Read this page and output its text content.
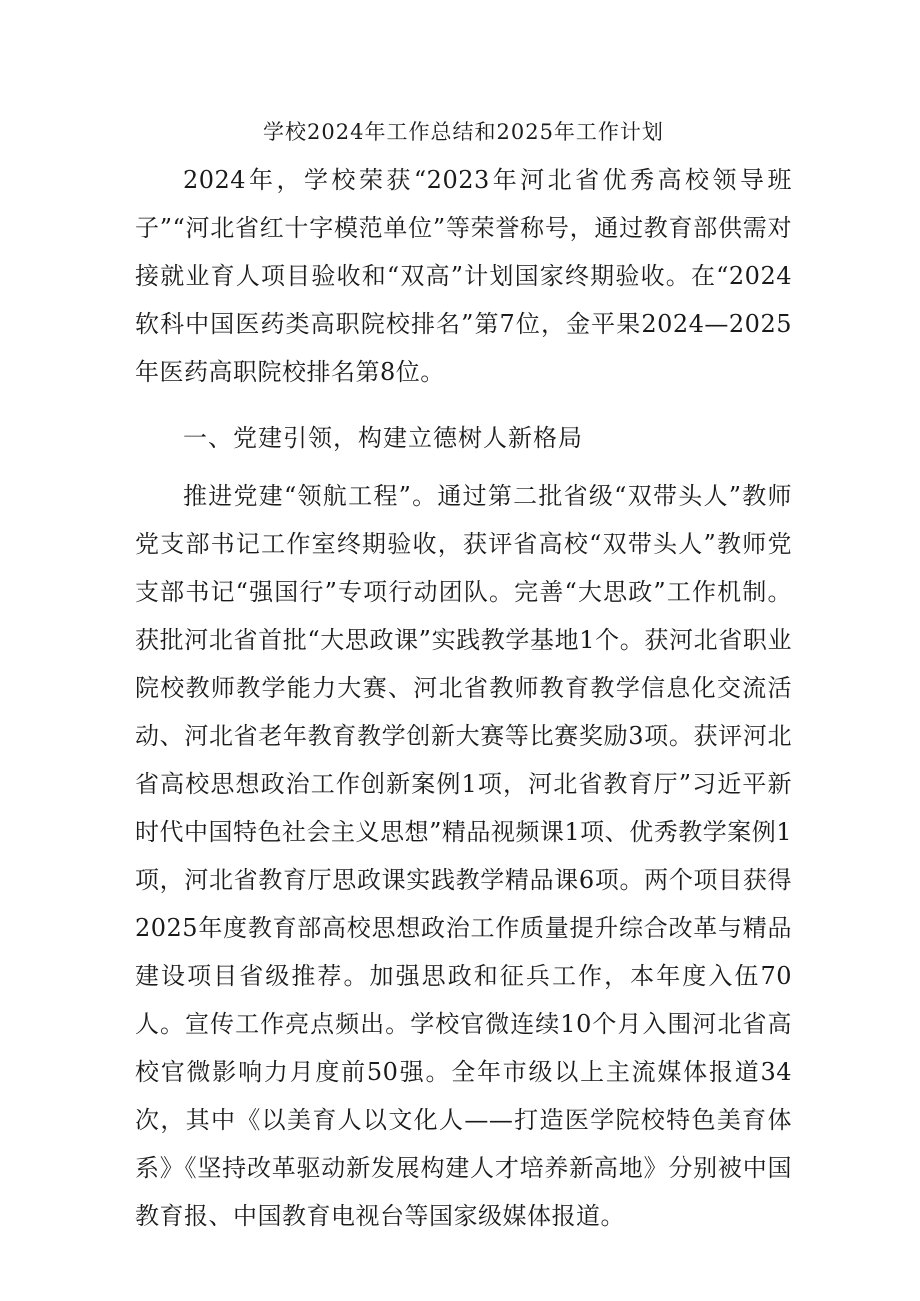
学校2024年工作总结和2025年工作计划

2024年，学校荣获“2023年河北省优秀高校领导班子”“河北省红十字模范单位”等荣誉称号，通过教育部供需对接就业育人项目验收和“双高”计划国家终期验收。在“2024软科中国医药类高职院校排名”第7位，金平果2024—2025年医药高职院校排名第8位。

一、党建引领，构建立德树人新格局

推进党建“领航工程”。通过第二批省级“双带头人”教师党支部书记工作室终期验收，获评省高校“双带头人”教师党支部书记“强国行”专项行动团队。完善“大思政”工作机制。获批河北省首批“大思政课”实践教学基地1个。获河北省职业院校教师教学能力大赛、河北省教师教育教学信息化交流活动、河北省老年教育教学创新大赛等比赛奖励3项。获评河北省高校思想政治工作创新案例1项，河北省教育厅”习近平新时代中国特色社会主义思想”精品视频课1项、优秀教学案例1项，河北省教育厅思政课实践教学精品课6项。两个项目获得2025年度教育部高校思想政治工作质量提升综合改革与精品建设项目省级推荐。加强思政和征兵工作，本年度入伍70人。宣传工作亮点频出。学校官微连续10个月入围河北省高校官微影响力月度前50强。全年市级以上主流媒体报道34次，其中《以美育人以文化人——打造医学院校特色美育体系》《坚持改革驱动新发展构建人才培养新高地》分别被中国教育报、中国教育电视台等国家级媒体报道。
